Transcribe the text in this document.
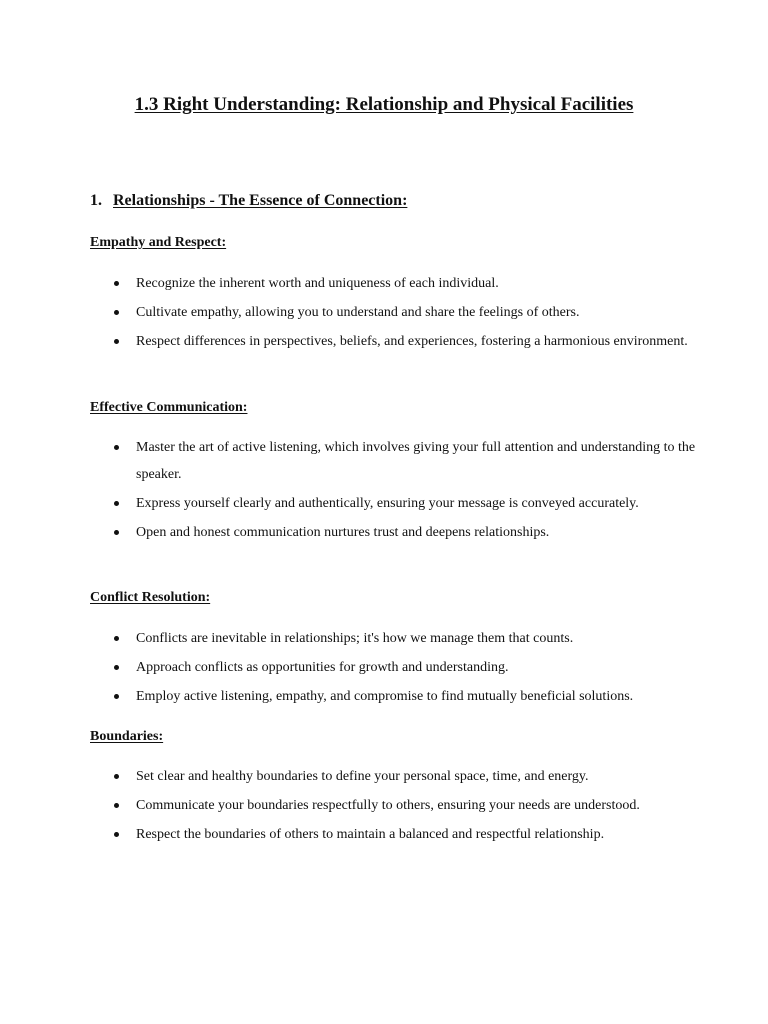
1.3 Right Understanding: Relationship and Physical Facilities
1. Relationships - The Essence of Connection:
Empathy and Respect:
Recognize the inherent worth and uniqueness of each individual.
Cultivate empathy, allowing you to understand and share the feelings of others.
Respect differences in perspectives, beliefs, and experiences, fostering a harmonious environment.
Effective Communication:
Master the art of active listening, which involves giving your full attention and understanding to the speaker.
Express yourself clearly and authentically, ensuring your message is conveyed accurately.
Open and honest communication nurtures trust and deepens relationships.
Conflict Resolution:
Conflicts are inevitable in relationships; it's how we manage them that counts.
Approach conflicts as opportunities for growth and understanding.
Employ active listening, empathy, and compromise to find mutually beneficial solutions.
Boundaries:
Set clear and healthy boundaries to define your personal space, time, and energy.
Communicate your boundaries respectfully to others, ensuring your needs are understood.
Respect the boundaries of others to maintain a balanced and respectful relationship.
